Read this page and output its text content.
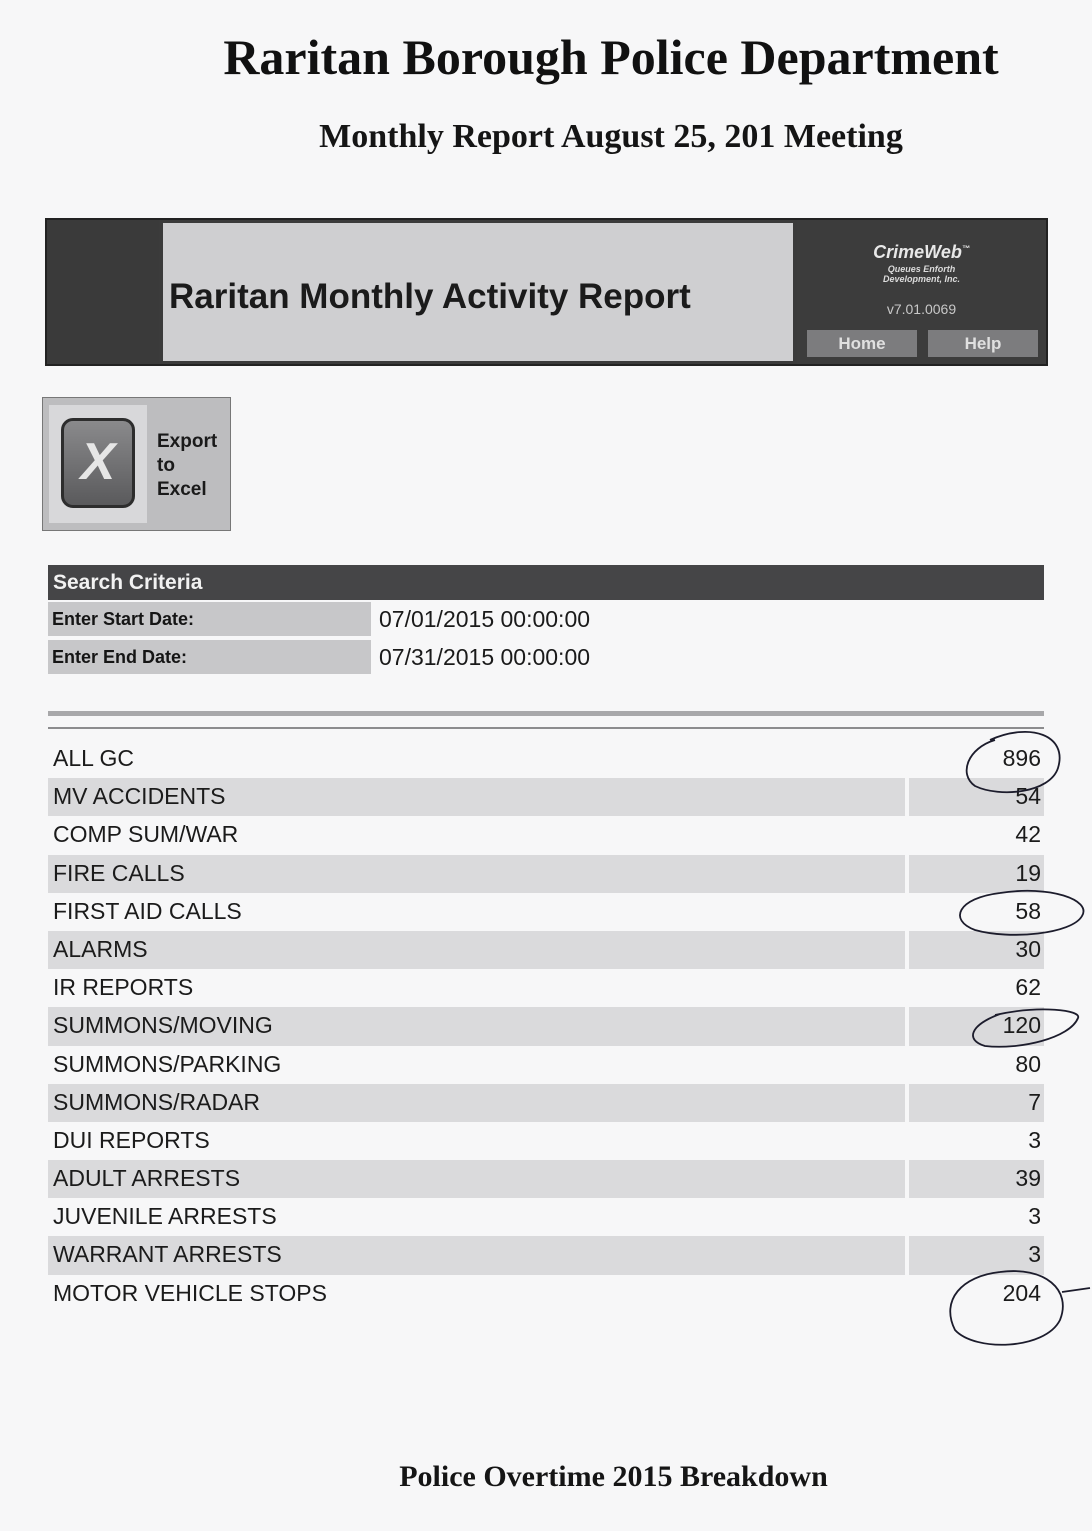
Raritan Borough Police Department
Monthly Report August 25, 201 Meeting
Raritan Monthly Activity Report
CrimeWeb™
Queues Enforth
Development, Inc.
v7.01.0069
Home	Help
X	Export
to
Excel
Search Criteria
Enter Start Date:	07/01/2015 00:00:00
Enter End Date:	07/31/2015 00:00:00
ALL GC	896
MV ACCIDENTS	54
COMP SUM/WAR	42
FIRE CALLS	19
FIRST AID CALLS	58
ALARMS	30
IR REPORTS	62
SUMMONS/MOVING	120
SUMMONS/PARKING	80
SUMMONS/RADAR	7
DUI REPORTS	3
ADULT ARRESTS	39
JUVENILE ARRESTS	3
WARRANT ARRESTS	3
MOTOR VEHICLE STOPS	204
Police Overtime 2015 Breakdown
